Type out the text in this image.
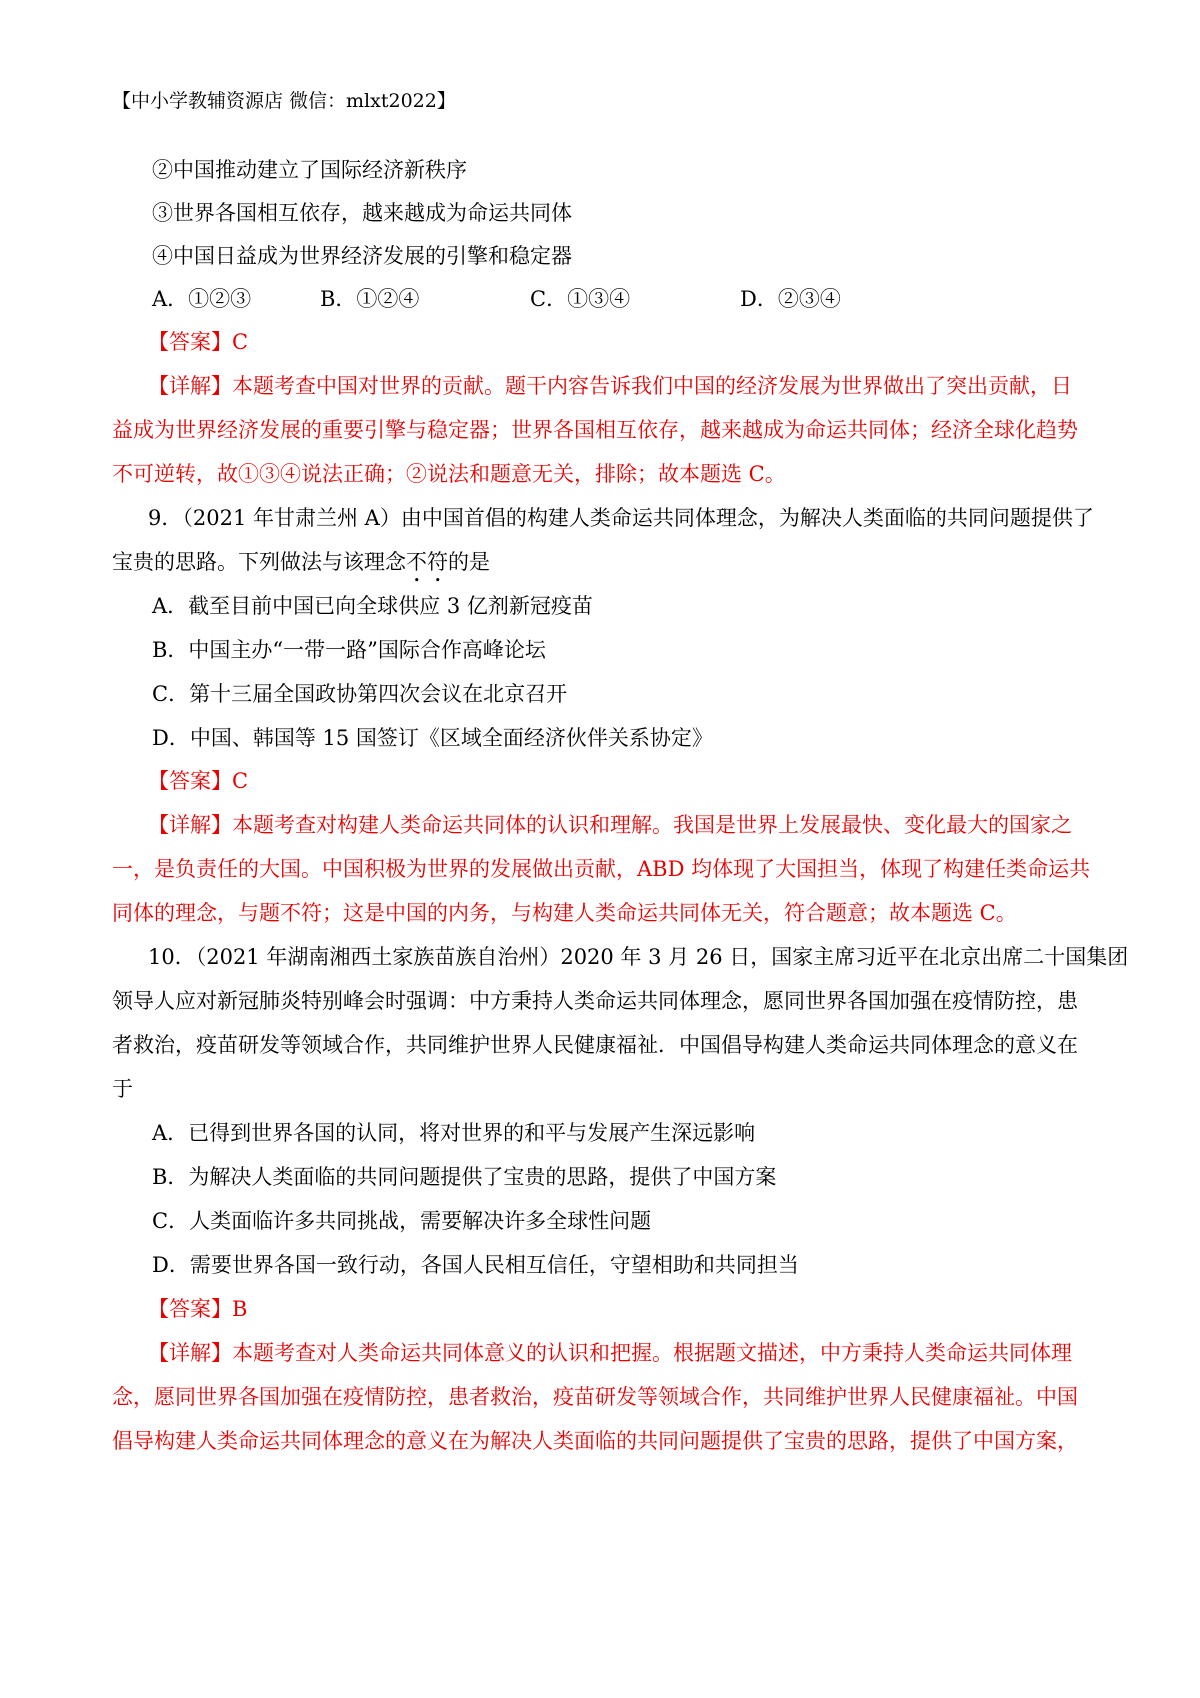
【中小学教辅资源店 微信：mlxt2022】
②中国推动建立了国际经济新秩序
③世界各国相互依存，越来越成为命运共同体
④中国日益成为世界经济发展的引擎和稳定器
A．①②③	B．①②④	C．①③④	D．②③④
【答案】C
【详解】本题考查中国对世界的贡献。题干内容告诉我们中国的经济发展为世界做出了突出贡献，日
益成为世界经济发展的重要引擎与稳定器；世界各国相互依存，越来越成为命运共同体；经济全球化趋势
不可逆转，故①③④说法正确；②说法和题意无关，排除；故本题选 C。
9．（2021 年甘肃兰州 A）由中国首倡的构建人类命运共同体理念，为解决人类面临的共同问题提供了
宝贵的思路。下列做法与该理念不符的是
A．截至目前中国已向全球供应 3 亿剂新冠疫苗
B．中国主办“一带一路”国际合作高峰论坛
C．第十三届全国政协第四次会议在北京召开
D．中国、韩国等 15 国签订《区域全面经济伙伴关系协定》
【答案】C
【详解】本题考查对构建人类命运共同体的认识和理解。我国是世界上发展最快、变化最大的国家之
一，是负责任的大国。中国积极为世界的发展做出贡献，ABD 均体现了大国担当，体现了构建任类命运共
同体的理念，与题不符；这是中国的内务，与构建人类命运共同体无关，符合题意；故本题选 C。
10．（2021 年湖南湘西土家族苗族自治州）2020 年 3 月 26 日，国家主席习近平在北京出席二十国集团
领导人应对新冠肺炎特别峰会时强调：中方秉持人类命运共同体理念，愿同世界各国加强在疫情防控，患
者救治，疫苗研发等领域合作，共同维护世界人民健康福祉．中国倡导构建人类命运共同体理念的意义在
于
A．已得到世界各国的认同，将对世界的和平与发展产生深远影响
B．为解决人类面临的共同问题提供了宝贵的思路，提供了中国方案
C．人类面临许多共同挑战，需要解决许多全球性问题
D．需要世界各国一致行动，各国人民相互信任，守望相助和共同担当
【答案】B
【详解】本题考查对人类命运共同体意义的认识和把握。根据题文描述，中方秉持人类命运共同体理
念，愿同世界各国加强在疫情防控，患者救治，疫苗研发等领域合作，共同维护世界人民健康福祉。中国
倡导构建人类命运共同体理念的意义在为解决人类面临的共同问题提供了宝贵的思路，提供了中国方案，
